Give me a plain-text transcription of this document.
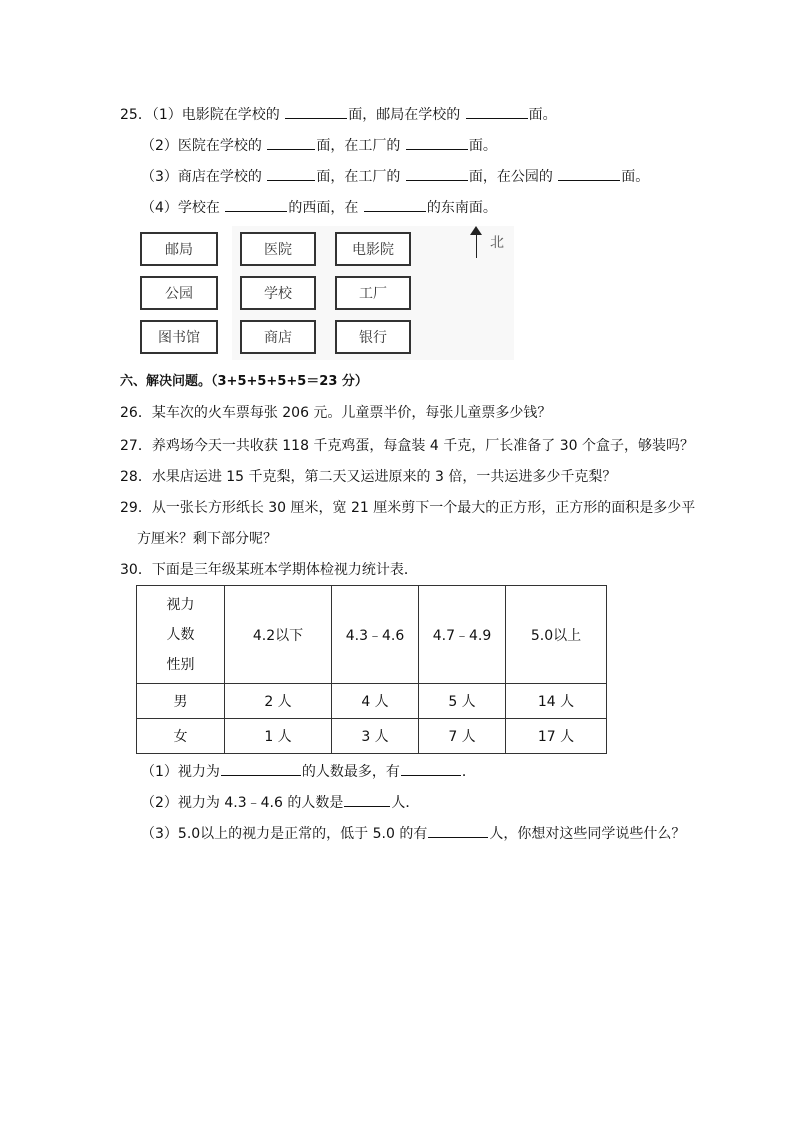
25．（1）电影院在学校的	面，邮局在学校的	面。
（2）医院在学校的	面，在工厂的	面。
（3）商店在学校的	面，在工厂的	面，在公园的	面。
（4）学校在	的西面，在	的东南面。
邮局	医院	电影院
公园	学校	工厂
图书馆	商店	银行
北
六、解决问题。（3+5+5+5+5＝23 分）
26．某车次的火车票每张 206 元。儿童票半价，每张儿童票多少钱？
27．养鸡场今天一共收获 118 千克鸡蛋，每盒装 4 千克，厂长准备了 30 个盒子，够装吗？
28．水果店运进 15 千克梨，第二天又运进原来的 3 倍，一共运进多少千克梨？
29．从一张长方形纸长 30 厘米，宽 21 厘米剪下一个最大的正方形，正方形的面积是多少平
方厘米？剩下部分呢？
30．下面是三年级某班本学期体检视力统计表．
视力
人数
性别	4.2以下	4.3﹣4.6	4.7﹣4.9	5.0以上
男	2 人	4 人	5 人	14 人
女	1 人	3 人	7 人	17 人
（1）视力为	的人数最多，有	．
（2）视力为 4.3﹣4.6 的人数是	人．
（3）5.0以上的视力是正常的，低于 5.0 的有	人，你想对这些同学说些什么？
